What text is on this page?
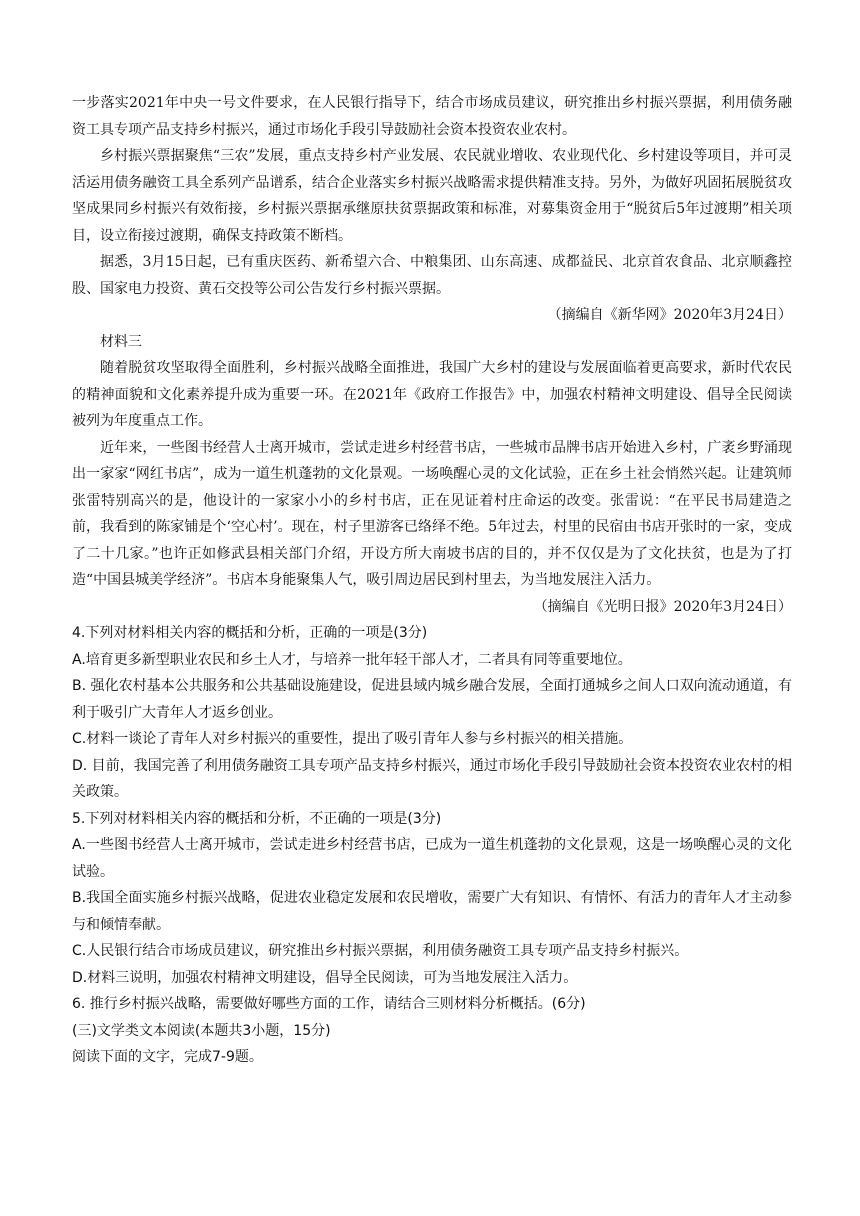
一步落实2021年中央一号文件要求，在人民银行指导下，结合市场成员建议，研究推出乡村振兴票据，利用债务融资工具专项产品支持乡村振兴，通过市场化手段引导鼓励社会资本投资农业农村。

乡村振兴票据聚焦“三农”发展，重点支持乡村产业发展、农民就业增收、农业现代化、乡村建设等项目，并可灵活运用债务融资工具全系列产品谱系，结合企业落实乡村振兴战略需求提供精准支持。另外，为做好巩固拓展脱贫攻坚成果同乡村振兴有效衔接，乡村振兴票据承继原扶贫票据政策和标准，对募集资金用于“脱贫后5年过渡期”相关项目，设立衔接过渡期，确保支持政策不断档。

据悉，3月15日起，已有重庆医药、新希望六合、中粮集团、山东高速、成都益民、北京首农食品、北京顺鑫控股、国家电力投资、黄石交投等公司公告发行乡村振兴票据。

（摘编自《新华网》2020年3月24日）

材料三

随着脱贫攻坚取得全面胜利，乡村振兴战略全面推进，我国广大乡村的建设与发展面临着更高要求，新时代农民的精神面貌和文化素养提升成为重要一环。在2021年《政府工作报告》中，加强农村精神文明建设、倡导全民阅读被列为年度重点工作。

近年来，一些图书经营人士离开城市，尝试走进乡村经营书店，一些城市品牌书店开始进入乡村，广袤乡野涌现出一家家“网红书店”，成为一道生机蓬勃的文化景观。一场唤醒心灵的文化试验，正在乡土社会悄然兴起。让建筑师张雷特别高兴的是，他设计的一家家小小的乡村书店，正在见证着村庄命运的改变。张雷说：“在平民书局建造之前，我看到的陈家铺是个‘空心村’。现在，村子里游客已络绎不绝。5年过去，村里的民宿由书店开张时的一家，变成了二十几家。”也许正如修武县相关部门介绍，开设方所大南坡书店的目的，并不仅仅是为了文化扶贫，也是为了打造“中国县城美学经济”。书店本身能聚集人气，吸引周边居民到村里去，为当地发展注入活力。

（摘编自《光明日报》2020年3月24日）

4.下列对材料相关内容的概括和分析，正确的一项是(3分)

A.培育更多新型职业农民和乡土人才，与培养一批年轻干部人才，二者具有同等重要地位。

B. 强化农村基本公共服务和公共基础设施建设，促进县域内城乡融合发展，全面打通城乡之间人口双向流动通道，有利于吸引广大青年人才返乡创业。

C.材料一谈论了青年人对乡村振兴的重要性，提出了吸引青年人参与乡村振兴的相关措施。

D. 目前，我国完善了利用债务融资工具专项产品支持乡村振兴，通过市场化手段引导鼓励社会资本投资农业农村的相关政策。

5.下列对材料相关内容的概括和分析，不正确的一项是(3分)

A.一些图书经营人士离开城市，尝试走进乡村经营书店，已成为一道生机蓬勃的文化景观，这是一场唤醒心灵的文化试验。

B.我国全面实施乡村振兴战略，促进农业稳定发展和农民增收，需要广大有知识、有情怀、有活力的青年人才主动参与和倾情奉献。

C.人民银行结合市场成员建议，研究推出乡村振兴票据，利用债务融资工具专项产品支持乡村振兴。

D.材料三说明，加强农村精神文明建设，倡导全民阅读，可为当地发展注入活力。

6. 推行乡村振兴战略，需要做好哪些方面的工作，请结合三则材料分析概括。(6分)

(三)文学类文本阅读(本题共3小题，15分)

阅读下面的文字，完成7-9题。
